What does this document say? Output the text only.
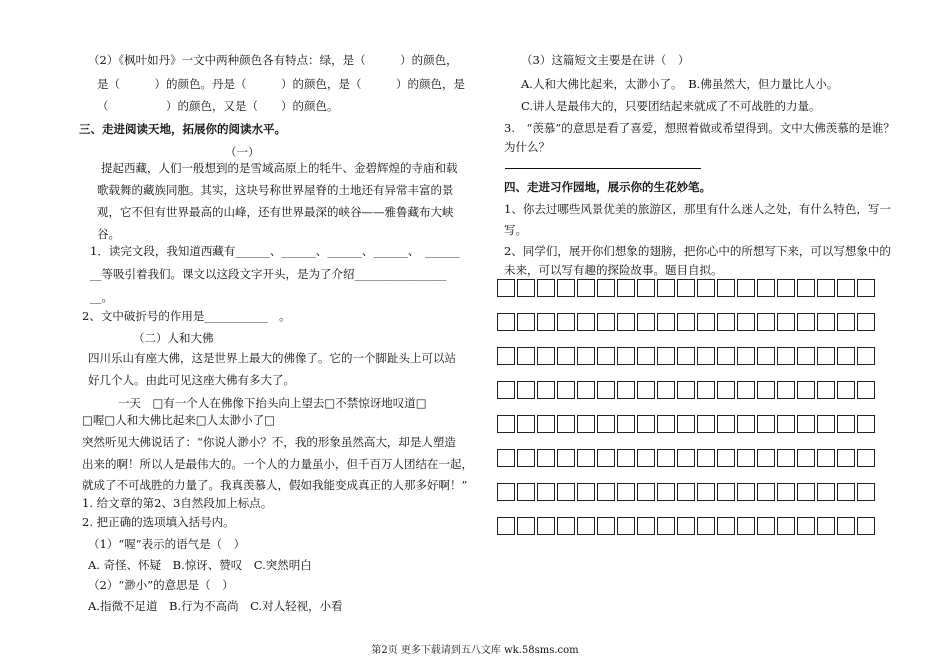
（2）《枫叶如丹》一文中两种颜色各有特点：绿，是（　　　）的颜色，
是（　　　）的颜色。丹是（　　　）的颜色，是（　　　）的颜色，是
（　　　　　）的颜色，又是（　　）的颜色。
三、走进阅读天地，拓展你的阅读水平。
（一）
提起西藏，人们一般想到的是雪域高原上的牦牛、金碧辉煌的寺庙和载
歌载舞的藏族同胞。其实，这块号称世界屋脊的土地还有异常丰富的景
观，它不但有世界最高的山峰，还有世界最深的峡谷——雅鲁藏布大峡
谷。
1．读完文段，我知道西藏有______、______、______、______、　______
__等吸引着我们。课文以这段文字开头，是为了介绍________________
__。
2、文中破折号的作用是___________　。
（二）人和大佛
四川乐山有座大佛，这是世界上最大的佛像了。它的一个脚趾头上可以站
好几个人。由此可见这座大佛有多大了。
一天　□有一个人在佛像下抬头向上望去□不禁惊讶地叹道□
□喔□人和大佛比起来□人太渺小了□
突然听见大佛说话了：“你说人渺小？不，我的形象虽然高大，却是人塑造
出来的啊！所以人是最伟大的。一个人的力量虽小，但千百万人团结在一起，
就成了不可战胜的力量了。我真羡慕人，假如我能变成真正的人那多好啊！”
1. 给文章的第2、3自然段加上标点。
2. 把正确的选项填入括号内。
（1）“喔”表示的语气是（　）
A. 奇怪、怀疑　B.惊讶、赞叹　C.突然明白
（2）“渺小”的意思是（　）
A.指微不足道　B.行为不高尚　C.对人轻视，小看
（3）这篇短文主要是在讲（　）
A.人和大佛比起来，太渺小了。　B.佛虽然大，但力量比人小。
C.讲人是最伟大的，只要团结起来就成了不可战胜的力量。
3.　“羡慕”的意思是看了喜爱，想照着做或希望得到。文中大佛羡慕的是谁？
为什么？
四、走进习作园地，展示你的生花妙笔。
1、你去过哪些风景优美的旅游区，那里有什么迷人之处，有什么特色，写一
写。
2、同学们，展开你们想象的翅膀，把你心中的所想写下来，可以写想象中的
未来，可以写有趣的探险故事。题目自拟。
第2页 更多下载请到五八文库 wk.58sms.com
